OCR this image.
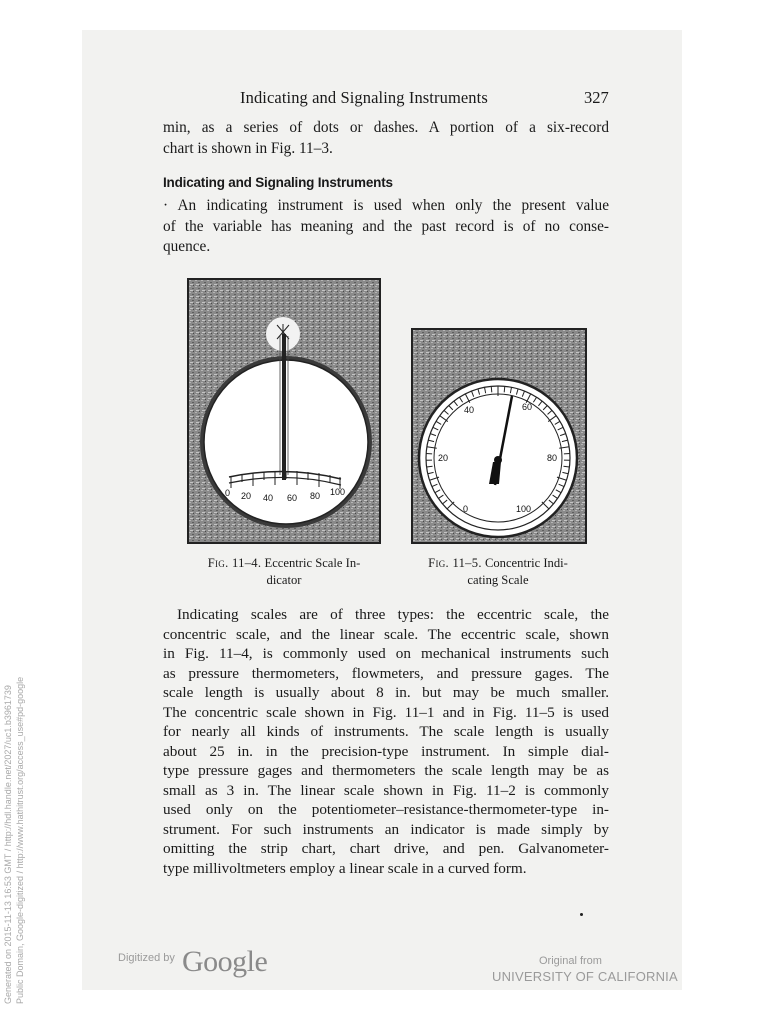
Indicating and Signaling Instruments	327
min, as a series of dots or dashes. A portion of a six-record
chart is shown in Fig. 11–3.
Indicating and Signaling Instruments
· An indicating instrument is used when only the present value
of the variable has meaning and the past record is of no conse-
quence.
0 20 40 60 80 100
Fig. 11–4. Eccentric Scale In-
dicator
0
20
40	60
80
100
Fig. 11–5. Concentric Indi-
cating Scale
Indicating scales are of three types: the eccentric scale, the
concentric scale, and the linear scale. The eccentric scale, shown
in Fig. 11–4, is commonly used on mechanical instruments such
as pressure thermometers, flowmeters, and pressure gages. The
scale length is usually about 8 in. but may be much smaller.
The concentric scale shown in Fig. 11–1 and in Fig. 11–5 is used
for nearly all kinds of instruments. The scale length is usually
about 25 in. in the precision-type instrument. In simple dial-
type pressure gages and thermometers the scale length may be as
small as 3 in. The linear scale shown in Fig. 11–2 is commonly
used only on the potentiometer–resistance-thermometer-type in-
strument. For such instruments an indicator is made simply by
omitting the strip chart, chart drive, and pen. Galvanometer-
type millivoltmeters employ a linear scale in a curved form.
Generated on 2015-11-13 16:53 GMT / http://hdl.handle.net/2027/uc1.b3961739 Public Domain, Google-digitized / http://www.hathitrust.org/access_use#pd-google	Digitized by Google	Original from
UNIVERSITY OF CALIFORNIA
